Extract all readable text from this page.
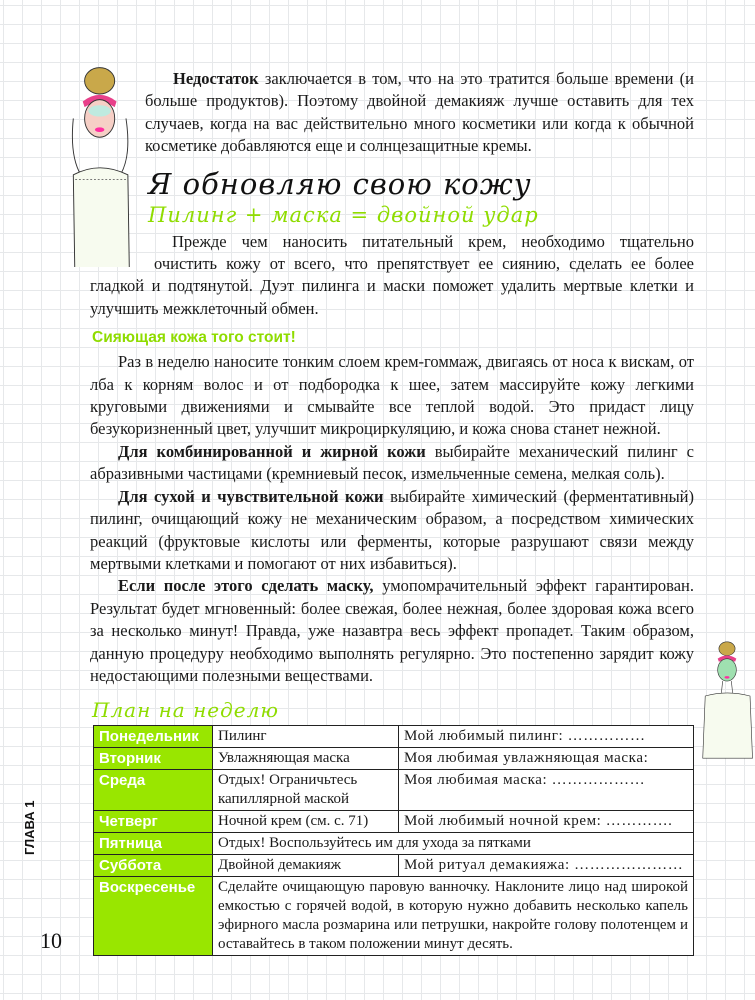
Недостаток заключается в том, что на это тратится больше времени (и больше продуктов). Поэтому двойной демакияж лучше оставить для тех случаев, когда на вас действительно много косметики или когда к обычной косметике добавляются еще и солнцезащитные кремы.

Я обновляю свою кожу
Пилинг + маска = двойной удар
Прежде чем наносить питательный крем, необходимо тщательно очистить кожу от всего, что препятствует ее сиянию, сделать ее более гладкой и подтянутой. Дуэт пилинга и маски поможет удалить мертвые клетки и улучшить межклеточный обмен.
Сияющая кожа того стоит!
Раз в неделю наносите тонким слоем крем-гоммаж, двигаясь от носа к вискам, от лба к корням волос и от подбородка к шее, затем массируйте кожу легкими круговыми движениями и смывайте все теплой водой. Это придаст лицу безукоризненный цвет, улучшит микроциркуляцию, и кожа снова станет нежной.
Для комбинированной и жирной кожи выбирайте механический пилинг с абразивными частицами (кремниевый песок, измельченные семена, мелкая соль).
Для сухой и чувствительной кожи выбирайте химический (ферментативный) пилинг, очищающий кожу не механическим образом, а посредством химических реакций (фруктовые кислоты или ферменты, которые разрушают связи между мертвыми клетками и помогают от них избавиться).
Если после этого сделать маску, умопомрачительный эффект гарантирован. Результат будет мгновенный: более свежая, более нежная, более здоровая кожа всего за несколько минут! Правда, уже назавтра весь эффект пропадет. Таким образом, данную процедуру необходимо выполнять регулярно. Это постепенно зарядит кожу недостающими полезными веществами.
План на неделю
Понедельник	Пилинг	Мой любимый пилинг: ……………
Вторник	Увлажняющая маска	Моя любимая увлажняющая маска:
Среда	Отдых! Ограничьтесь капиллярной маской	Моя любимая маска: ………………
Четверг	Ночной крем (см. с. 71)	Мой любимый ночной крем: ………….
Пятница	Отдых! Воспользуйтесь им для ухода за пятками	
Суббота	Двойной демакияж	Мой ритуал демакияжа: …………………
Воскресенье	Сделайте очищающую паровую ванночку. Наклоните лицо над широкой емкостью с горячей водой, в которую нужно добавить несколько капель эфирного масла розмарина или петрушки, накройте голову полотенцем и оставайтесь в таком положении минут десять.	
ГЛАВА 1
10
